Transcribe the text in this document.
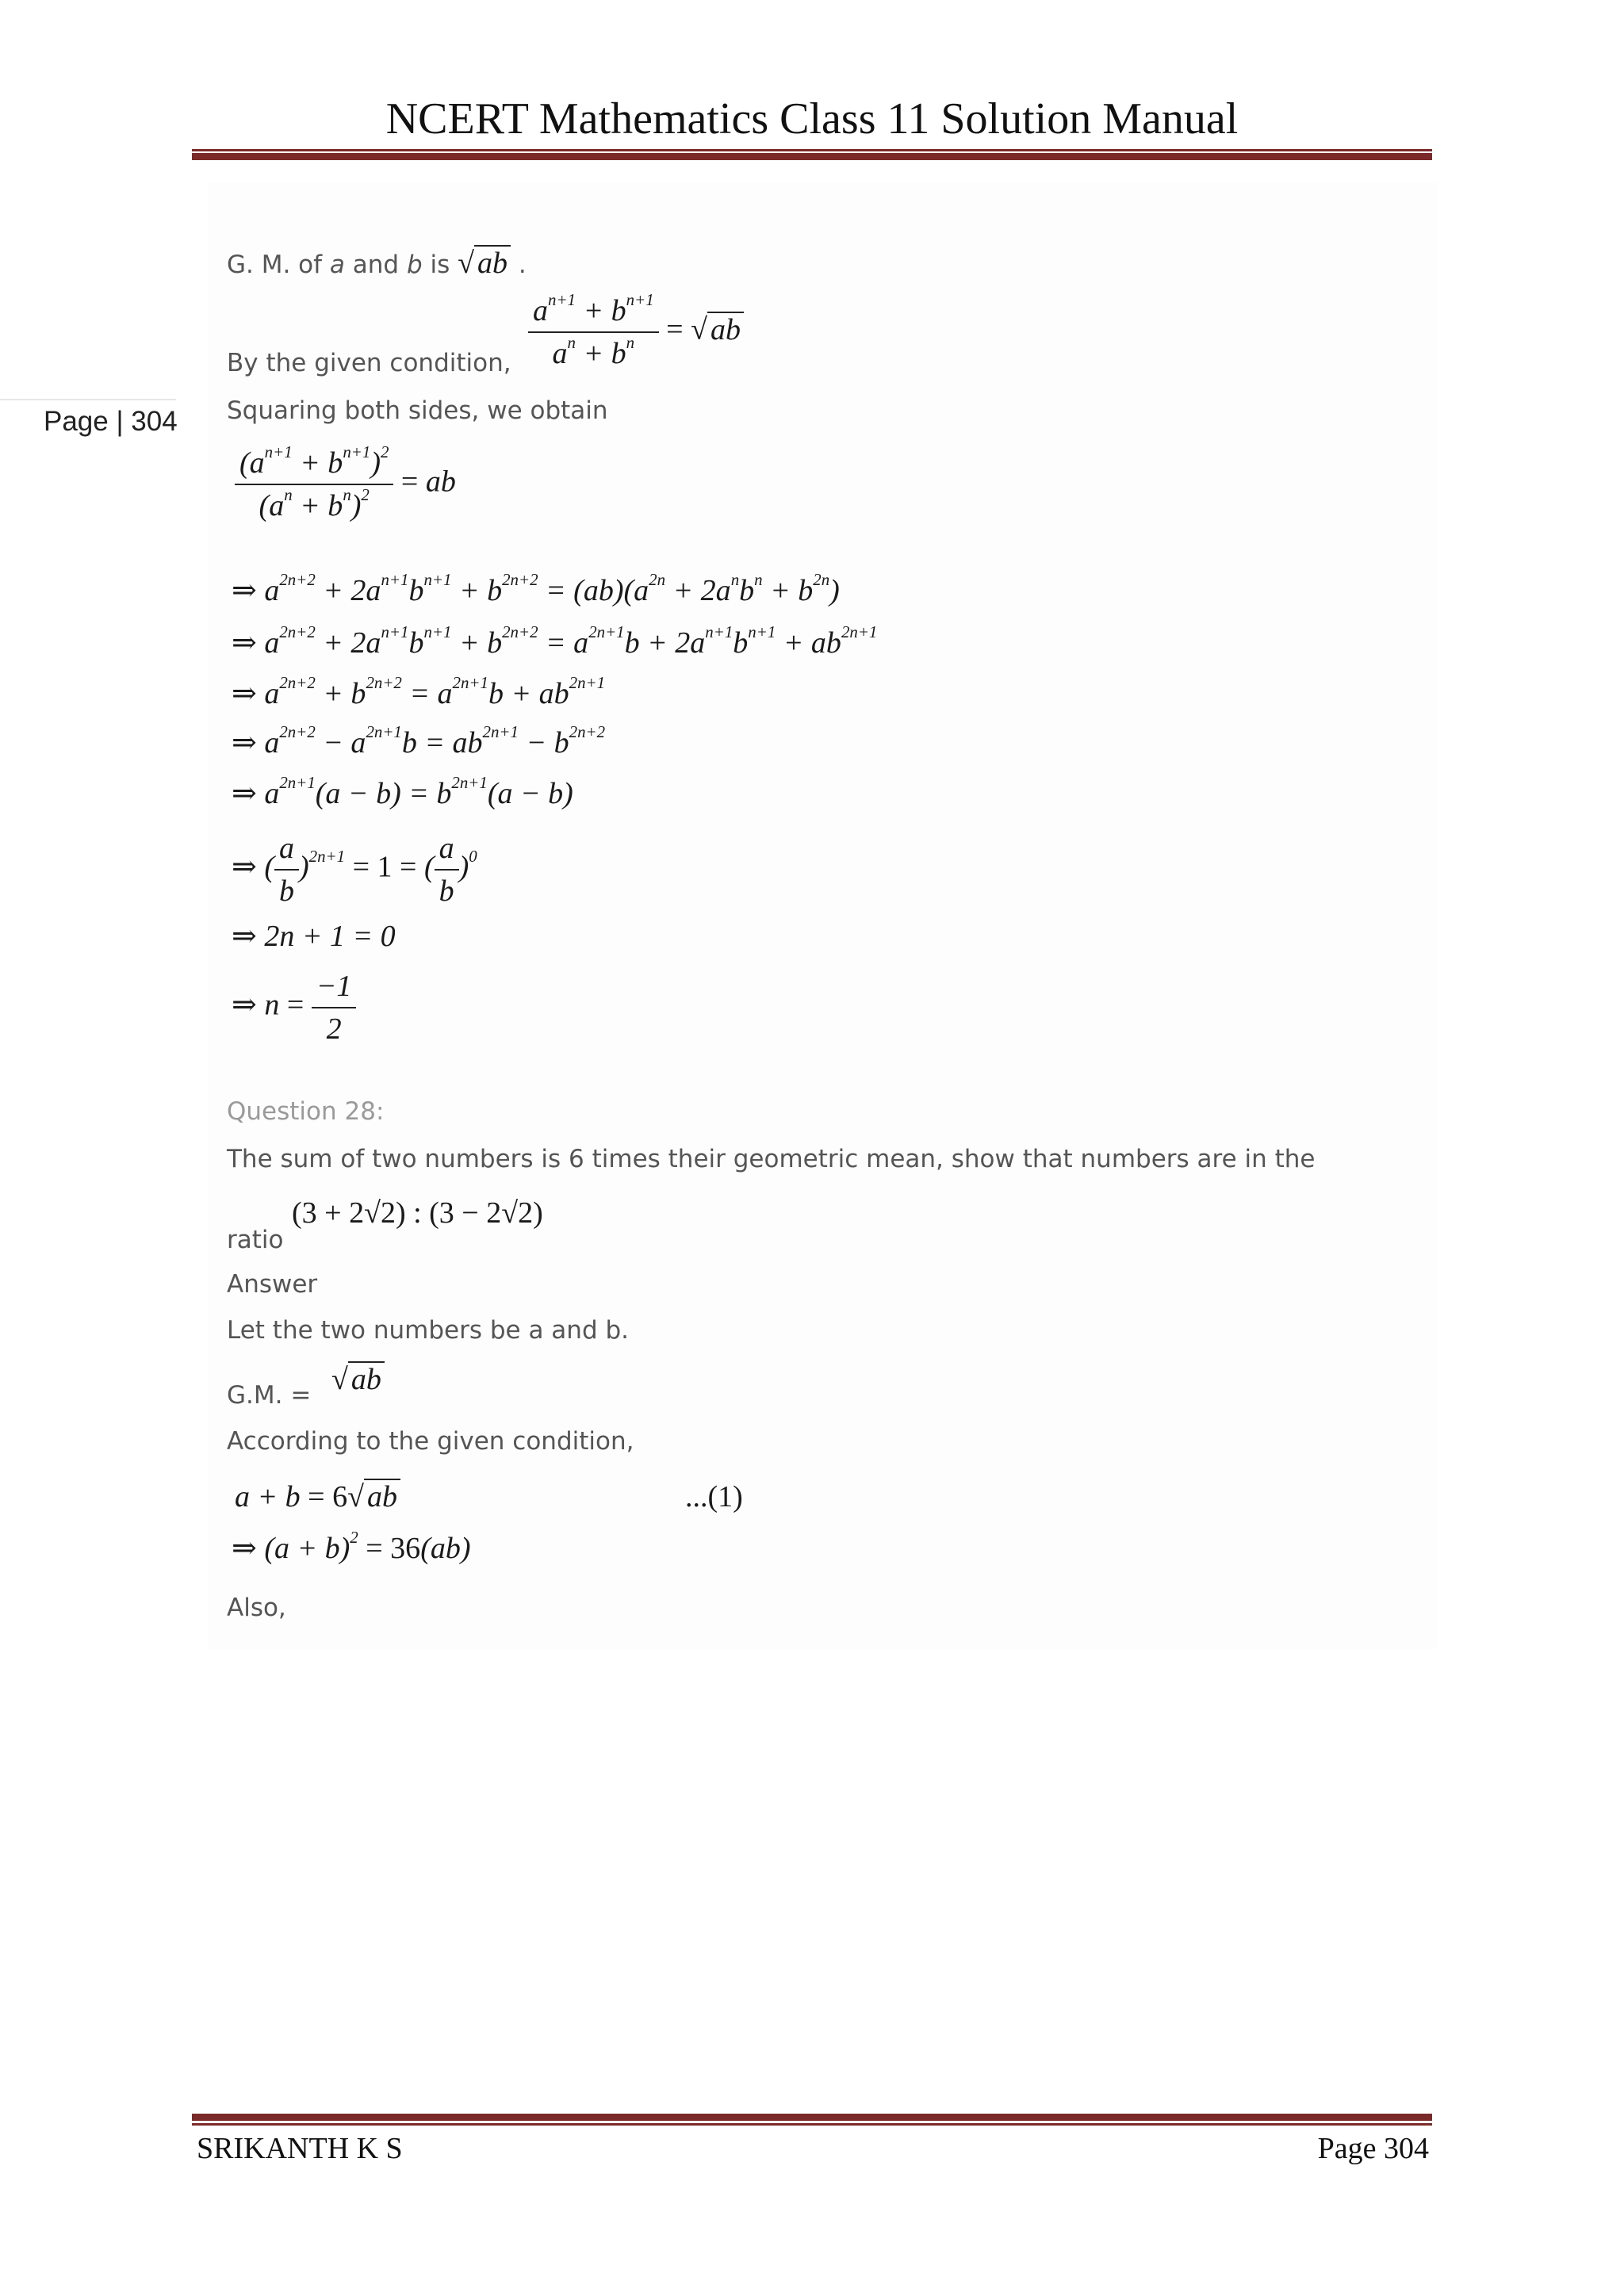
NCERT Mathematics Class 11 Solution Manual
Page | 304
G. M. of a and b is √ ab .
By the given condition, $\frac{a^{n+1} + b^{n+1}}{a^n + b^n}$ = √ ab
Squaring both sides, we obtain
$\frac{(a^{n+1} + b^{n+1})^2}{(a^n + b^n)^2}$ = ab
⇒ $a^{2n+2} + 2a^{n+1}b^{n+1} + b^{2n+2} = (ab)(a^{2n} + 2a^nb^n + b^{2n})$
⇒ $a^{2n+2} + 2a^{n+1}b^{n+1} + b^{2n+2} = a^{2n+1}b + 2a^{n+1}b^{n+1} + ab^{2n+1}$
⇒ $a^{2n+2} + b^{2n+2} = a^{2n+1}b + ab^{2n+1}$
⇒ $a^{2n+2} - a^{2n+1}b = ab^{2n+1} - b^{2n+2}$
⇒ $a^{2n+1}(a - b) = b^{2n+1}(a - b)$
⇒ ( $\frac{a}{b} )^{2n+1} = 1$ = ( $\frac{a}{b} )^0$
⇒ 2n + 1 = 0
⇒ $n = \frac{-1}{2}$
Question 28:
The sum of two numbers is 6 times their geometric mean, show that numbers are in the
ratio
(3 + 2√2) : (3 − 2√2)
Answer
Let the two numbers be a and b.
G.M. = √ ab
According to the given condition,
a + b = 6√ ab	...(1)
⇒ $(a + b)^2 = 36(ab)$
Also,
SRIKANTH K S	Page 304
